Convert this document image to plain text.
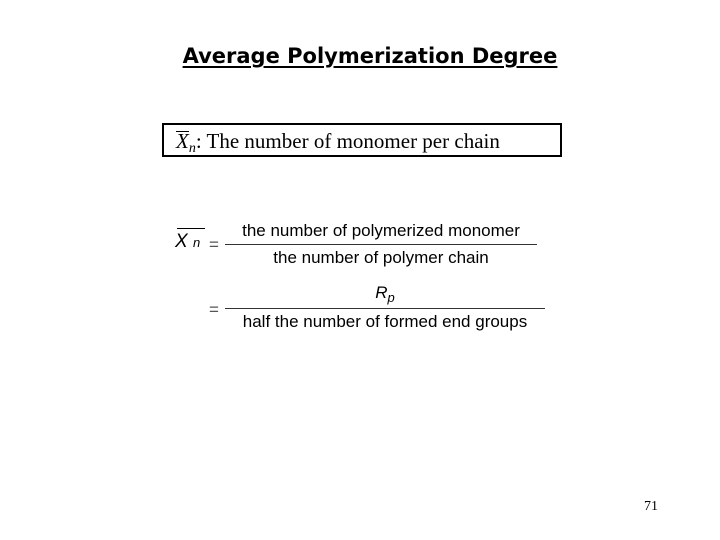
Average Polymerization Degree
$X_n$: The number of monomer per chain
X n =
the number of polymerized monomer
the number of polymer chain
=
$R_p$
half the number of formed end groups
71
